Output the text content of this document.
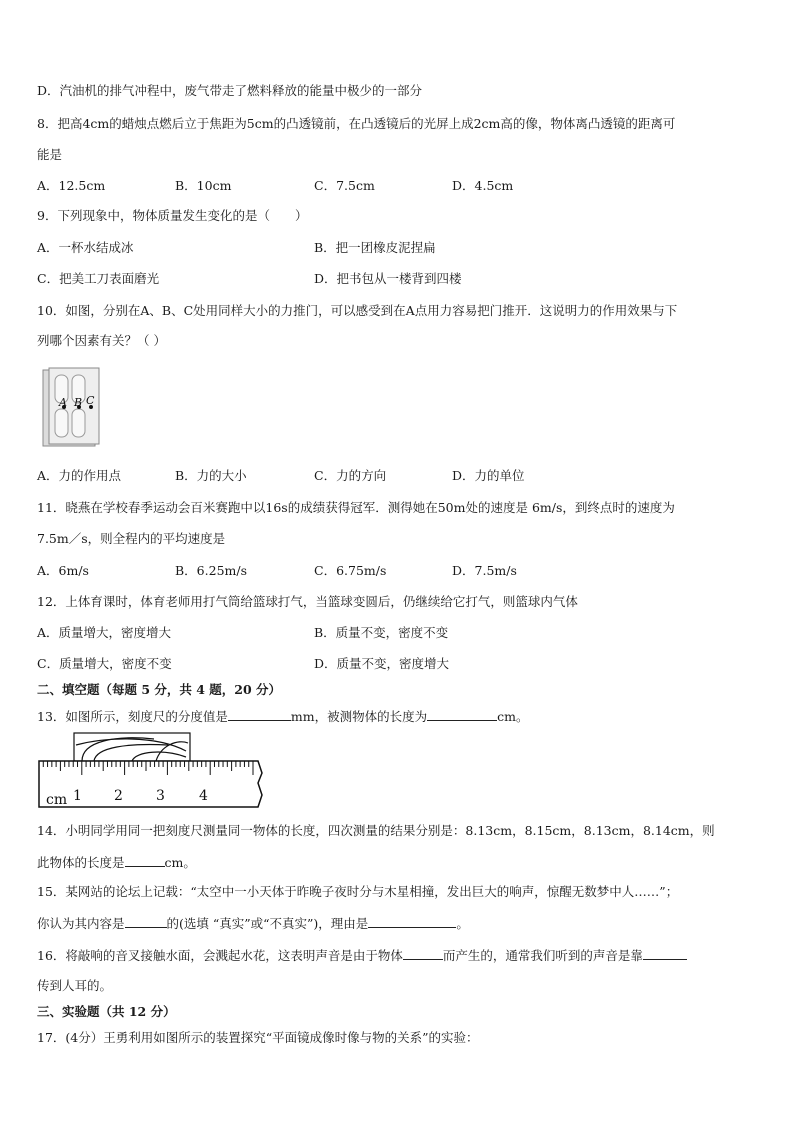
D．汽油机的排气冲程中，废气带走了燃料释放的能量中极少的一部分
8．把高4cm的蜡烛点燃后立于焦距为5cm的凸透镜前，在凸透镜后的光屏上成2cm高的像，物体离凸透镜的距离可
能是
A．12.5cm	B．10cm	C．7.5cm	D．4.5cm
9．下列现象中，物体质量发生变化的是（　　）
A．一杯水结成冰	B．把一团橡皮泥捏扁
C．把美工刀表面磨光	D．把书包从一楼背到四楼
10．如图，分别在A、B、C处用同样大小的力推门，可以感受到在A点用力容易把门推开．这说明力的作用效果与下
列哪个因素有关？（ ）
A B C
A．力的作用点	B．力的大小	C．力的方向	D．力的单位
11．晓燕在学校春季运动会百米赛跑中以16s的成绩获得冠军．测得她在50m处的速度是 6m/s，到终点时的速度为
7.5m／s，则全程内的平均速度是
A．6m/s	B．6.25m/s	C．6.75m/s	D．7.5m/s
12．上体育课时，体育老师用打气筒给篮球打气，当篮球变圆后，仍继续给它打气，则篮球内气体
A．质量增大，密度增大	B．质量不变，密度不变
C．质量增大，密度不变	D．质量不变，密度增大
二、填空题（每题 5 分，共 4 题，20 分）
13．如图所示，刻度尺的分度值是	mm，被测物体的长度为	cm。
cm 1 2 3 4
14．小明同学用同一把刻度尺测量同一物体的长度，四次测量的结果分别是：8.13cm，8.15cm，8.13cm，8.14cm，则
此物体的长度是	cm。
15．某网站的论坛上记载：“太空中一小天体于昨晚子夜时分与木星相撞，发出巨大的响声，惊醒无数梦中人……”；
你认为其内容是	的(选填 “真实”或“不真实”)，理由是	。
16．将敲响的音叉接触水面，会溅起水花，这表明声音是由于物体	而产生的，通常我们听到的声音是靠
传到人耳的。
三、实验题（共 12 分）
17．(4分）王勇利用如图所示的装置探究“平面镜成像时像与物的关系”的实验：
